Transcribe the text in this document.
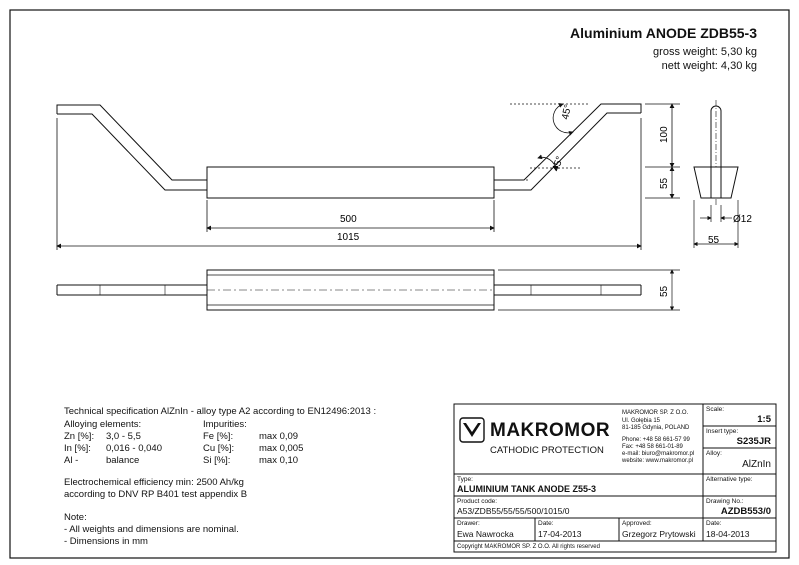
45°
45°
100
55
500
1015
55
Ø12
55
Aluminium ANODE ZDB55-3
gross weight: 5,30 kg
nett weight: 4,30 kg
Technical specification AlZnIn - alloy type A2 according to EN12496:2013 :
Alloying elements:	Impurities:
Zn [%]: 3,0 - 5,5	Fe [%]:	max 0,09
In [%]: 0,016 - 0,040	Cu [%]:	max 0,005
Al -	balance	Si [%]:	max 0,10
Electrochemical efficiency min: 2500 Ah/kg
according to DNV RP B401 test appendix B
Note:
- All weights and dimensions are nominal.
- Dimensions in mm
MAKROMOR
CATHODIC PROTECTION
MAKROMOR SP. Z O.O.
Ul. Gołębia 15
81-185 Gdynia, POLAND
Phone: +48 58 661-57 99
Fax: +48 58 661-01-89
e-mail: biuro@makromor.pl
website: www.makromor.pl
Scale:
1:5
Insert type:
S235JR
Alloy:
AlZnIn
Type:
ALUMINIUM TANK ANODE Z55-3
Alternative type:
Product code:
A53/ZDB55/55/55/500/1015/0
Drawing No.:
AZDB553/0
Drawer:
Ewa Nawrocka
Date:
17-04-2013
Approved:
Grzegorz Prytowski
Date:
18-04-2013
Copyright MAKROMOR SP. Z O.O. All rights reserved
